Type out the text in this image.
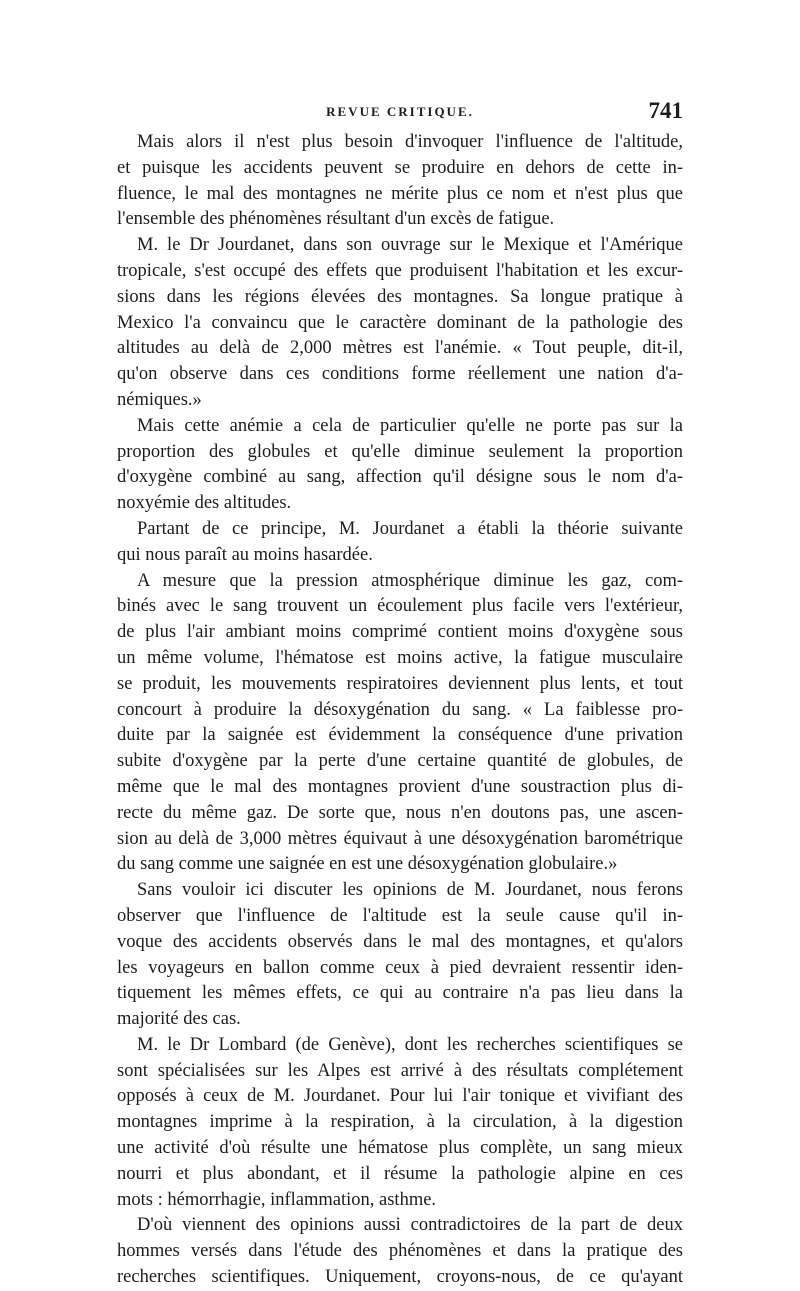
REVUE CRITIQUE.	741
Mais alors il n'est plus besoin d'invoquer l'influence de l'altitude,
et puisque les accidents peuvent se produire en dehors de cette in-
fluence, le mal des montagnes ne mérite plus ce nom et n'est plus que
l'ensemble des phénomènes résultant d'un excès de fatigue.
M. le Dr Jourdanet, dans son ouvrage sur le Mexique et l'Amérique
tropicale, s'est occupé des effets que produisent l'habitation et les excur-
sions dans les régions élevées des montagnes. Sa longue pratique à
Mexico l'a convaincu que le caractère dominant de la pathologie des
altitudes au delà de 2,000 mètres est l'anémie. « Tout peuple, dit-il,
qu'on observe dans ces conditions forme réellement une nation d'a-
némiques.»
Mais cette anémie a cela de particulier qu'elle ne porte pas sur la
proportion des globules et qu'elle diminue seulement la proportion
d'oxygène combiné au sang, affection qu'il désigne sous le nom d'a-
noxyémie des altitudes.
Partant de ce principe, M. Jourdanet a établi la théorie suivante
qui nous paraît au moins hasardée.
A mesure que la pression atmosphérique diminue les gaz, com-
binés avec le sang trouvent un écoulement plus facile vers l'extérieur,
de plus l'air ambiant moins comprimé contient moins d'oxygène sous
un même volume, l'hématose est moins active, la fatigue musculaire
se produit, les mouvements respiratoires deviennent plus lents, et tout
concourt à produire la désoxygénation du sang. « La faiblesse pro-
duite par la saignée est évidemment la conséquence d'une privation
subite d'oxygène par la perte d'une certaine quantité de globules, de
même que le mal des montagnes provient d'une soustraction plus di-
recte du même gaz. De sorte que, nous n'en doutons pas, une ascen-
sion au delà de 3,000 mètres équivaut à une désoxygénation barométrique
du sang comme une saignée en est une désoxygénation globulaire.»
Sans vouloir ici discuter les opinions de M. Jourdanet, nous ferons
observer que l'influence de l'altitude est la seule cause qu'il in-
voque des accidents observés dans le mal des montagnes, et qu'alors
les voyageurs en ballon comme ceux à pied devraient ressentir iden-
tiquement les mêmes effets, ce qui au contraire n'a pas lieu dans la
majorité des cas.
M. le Dr Lombard (de Genève), dont les recherches scientifiques se
sont spécialisées sur les Alpes est arrivé à des résultats complétement
opposés à ceux de M. Jourdanet. Pour lui l'air tonique et vivifiant des
montagnes imprime à la respiration, à la circulation, à la digestion
une activité d'où résulte une hématose plus complète, un sang mieux
nourri et plus abondant, et il résume la pathologie alpine en ces
mots : hémorrhagie, inflammation, asthme.
D'où viennent des opinions aussi contradictoires de la part de deux
hommes versés dans l'étude des phénomènes et dans la pratique des
recherches scientifiques. Uniquement, croyons-nous, de ce qu'ayant
